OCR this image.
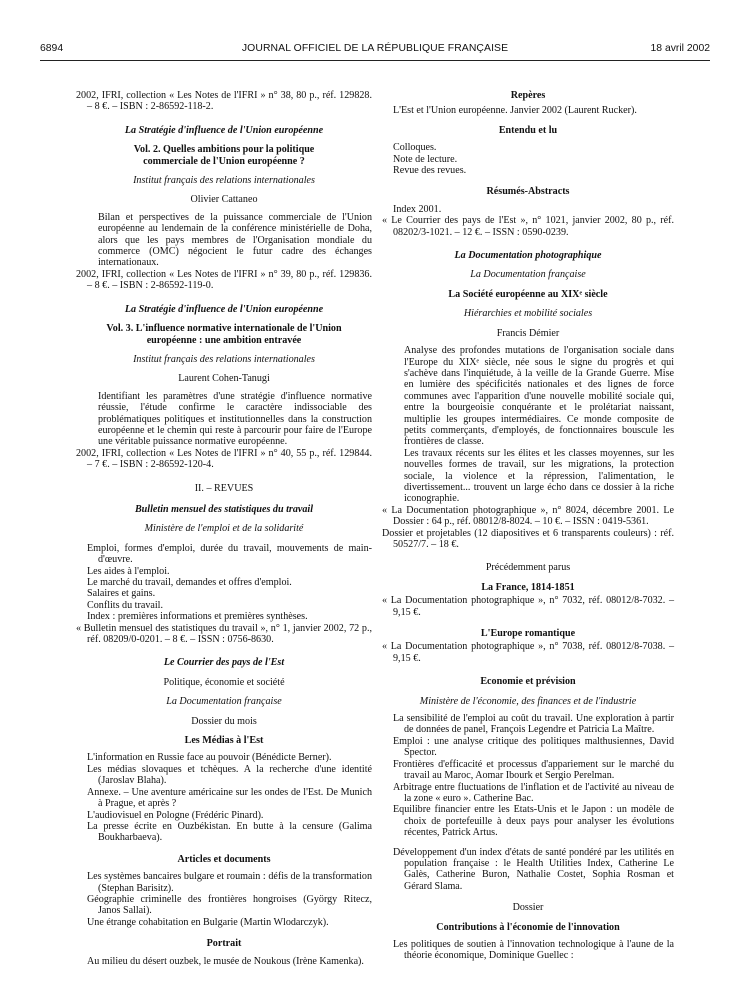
6894	JOURNAL OFFICIEL DE LA RÉPUBLIQUE FRANÇAISE	18 avril 2002

2002, IFRI, collection « Les Notes de l'IFRI » n° 38, 80 p., réf. 129828. – 8 €. – ISBN : 2-86592-118-2.

La Stratégie d'influence de l'Union européenne

Vol. 2. Quelles ambitions pour la politique commerciale de l'Union européenne ?

Institut français des relations internationales

Olivier Cattaneo

Bilan et perspectives de la puissance commerciale de l'Union européenne au lendemain de la conférence ministérielle de Doha, alors que les pays membres de l'Organisation mondiale du commerce (OMC) négocient le futur cadre des échanges internationaux.

2002, IFRI, collection « Les Notes de l'IFRI » n° 39, 80 p., réf. 129836. – 8 €. – ISBN : 2-86592-119-0.

La Stratégie d'influence de l'Union européenne

Vol. 3. L'influence normative internationale de l'Union européenne : une ambition entravée

Institut français des relations internationales

Laurent Cohen-Tanugi

Identifiant les paramètres d'une stratégie d'influence normative réussie, l'étude confirme le caractère indissociable des problématiques politiques et institutionnelles dans la construction européenne et le chemin qui reste à parcourir pour faire de l'Europe une véritable puissance normative européenne.

2002, IFRI, collection « Les Notes de l'IFRI » n° 40, 55 p., réf. 129844. – 7 €. – ISBN : 2-86592-120-4.

II. – REVUES

Bulletin mensuel des statistiques du travail

Ministère de l'emploi et de la solidarité

Emploi, formes d'emploi, durée du travail, mouvements de main-d'œuvre.

Les aides à l'emploi.

Le marché du travail, demandes et offres d'emploi.

Salaires et gains.

Conflits du travail.

Index : premières informations et premières synthèses.

« Bulletin mensuel des statistiques du travail », n° 1, janvier 2002, 72 p., réf. 08209/0-0201. – 8 €. – ISSN : 0756-8630.

Le Courrier des pays de l'Est

Politique, économie et société

La Documentation française

Dossier du mois

Les Médias à l'Est

L'information en Russie face au pouvoir (Bénédicte Berner).

Les médias slovaques et tchèques. A la recherche d'une identité (Jaroslav Blaha).

Annexe. – Une aventure américaine sur les ondes de l'Est. De Munich à Prague, et après ?

L'audiovisuel en Pologne (Frédéric Pinard).

La presse écrite en Ouzbékistan. En butte à la censure (Galima Boukharbaeva).

Articles et documents

Les systèmes bancaires bulgare et roumain : défis de la transformation (Stephan Barisitz).

Géographie criminelle des frontières hongroises (György Ritecz, Janos Sallai).

Une étrange cohabitation en Bulgarie (Martin Wlodarczyk).

Portrait

Au milieu du désert ouzbek, le musée de Noukous (Irène Kamenka).

Repères

L'Est et l'Union européenne. Janvier 2002 (Laurent Rucker).

Entendu et lu

Colloques.

Note de lecture.

Revue des revues.

Résumés-Abstracts

Index 2001.

« Le Courrier des pays de l'Est », n° 1021, janvier 2002, 80 p., réf. 08202/3-1021. – 12 €. – ISSN : 0590-0239.

La Documentation photographique

La Documentation française

La Société européenne au XIXᵉ siècle

Hiérarchies et mobilité sociales

Francis Démier

Analyse des profondes mutations de l'organisation sociale dans l'Europe du XIXᵉ siècle, née sous le signe du progrès et qui s'achève dans l'inquiétude, à la veille de la Grande Guerre. Mise en lumière des spécificités nationales et des lignes de force communes avec l'apparition d'une nouvelle mobilité sociale qui, entre la bourgeoisie conquérante et le prolétariat naissant, multiplie les groupes intermédiaires. Ce monde composite de petits commerçants, d'employés, de fonctionnaires bouscule les frontières de classe.

Les travaux récents sur les élites et les classes moyennes, sur les nouvelles formes de travail, sur les migrations, la protection sociale, la violence et la répression, l'alimentation, le divertissement... trouvent un large écho dans ce dossier à la riche iconographie.

« La Documentation photographique », n° 8024, décembre 2001. Le Dossier : 64 p., réf. 08012/8-8024. – 10 €. – ISSN : 0419-5361.

Dossier et projetables (12 diapositives et 6 transparents couleurs) : réf. 50527/7. – 18 €.

Précédemment parus

La France, 1814-1851

« La Documentation photographique », n° 7032, réf. 08012/8-7032. – 9,15 €.

L'Europe romantique

« La Documentation photographique », n° 7038, réf. 08012/8-7038. – 9,15 €.

Economie et prévision

Ministère de l'économie, des finances et de l'industrie

La sensibilité de l'emploi au coût du travail. Une exploration à partir de données de panel, François Legendre et Patricia La Maître.

Emploi : une analyse critique des politiques malthusiennes, David Spector.

Frontières d'efficacité et processus d'appariement sur le marché du travail au Maroc, Aomar Ibourk et Sergio Perelman.

Arbitrage entre fluctuations de l'inflation et de l'activité au niveau de la zone « euro ». Catherine Bac.

Equilibre financier entre les Etats-Unis et le Japon : un modèle de choix de portefeuille à deux pays pour analyser les évolutions récentes, Patrick Artus.

Développement d'un index d'états de santé pondéré par les utilités en population française : le Health Utilities Index, Catherine Le Galès, Catherine Buron, Nathalie Costet, Sophia Rosman et Gérard Slama.

Dossier

Contributions à l'économie de l'innovation

Les politiques de soutien à l'innovation technologique à l'aune de la théorie économique, Dominique Guellec :
